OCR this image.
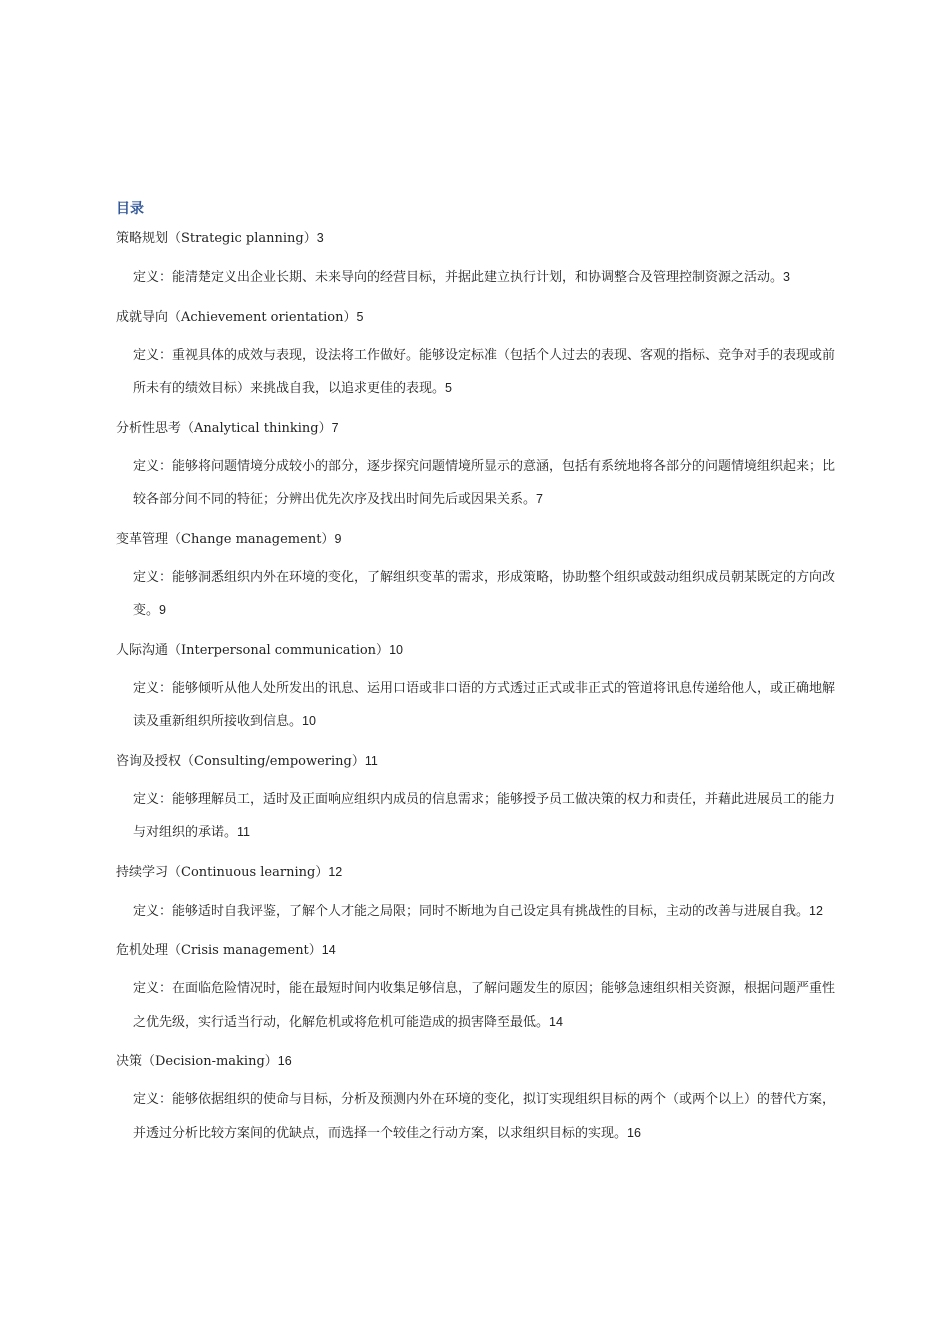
目录
策略规划（Strategic planning）3
定义：能清楚定义出企业长期、未来导向的经营目标，并据此建立执行计划，和协调整合及管理控制资源之活动。3
成就导向（Achievement orientation）5
定义：重视具体的成效与表现，设法将工作做好。能够设定标准（包括个人过去的表现、客观的指标、竞争对手的表现或前所未有的绩效目标）来挑战自我，以追求更佳的表现。5
分析性思考（Analytical thinking）7
定义：能够将问题情境分成较小的部分，逐步探究问题情境所显示的意涵，包括有系统地将各部分的问题情境组织起来；比较各部分间不同的特征；分辨出优先次序及找出时间先后或因果关系。7
变革管理（Change management）9
定义：能够洞悉组织内外在环境的变化，了解组织变革的需求，形成策略，协助整个组织或鼓动组织成员朝某既定的方向改变。9
人际沟通（Interpersonal communication）10
定义：能够倾听从他人处所发出的讯息、运用口语或非口语的方式透过正式或非正式的管道将讯息传递给他人，或正确地解读及重新组织所接收到信息。10
咨询及授权（Consulting/empowering）11
定义：能够理解员工，适时及正面响应组织内成员的信息需求；能够授予员工做决策的权力和责任，并藉此进展员工的能力与对组织的承诺。11
持续学习（Continuous learning）12
定义：能够适时自我评鉴，了解个人才能之局限；同时不断地为自己设定具有挑战性的目标，主动的改善与进展自我。12
危机处理（Crisis management）14
定义：在面临危险情况时，能在最短时间内收集足够信息，了解问题发生的原因；能够急速组织相关资源，根据问题严重性之优先级，实行适当行动，化解危机或将危机可能造成的损害降至最低。14
决策（Decision-making）16
定义：能够依据组织的使命与目标，分析及预测内外在环境的变化，拟订实现组织目标的两个（或两个以上）的替代方案，并透过分析比较方案间的优缺点，而选择一个较佳之行动方案，以求组织目标的实现。16
